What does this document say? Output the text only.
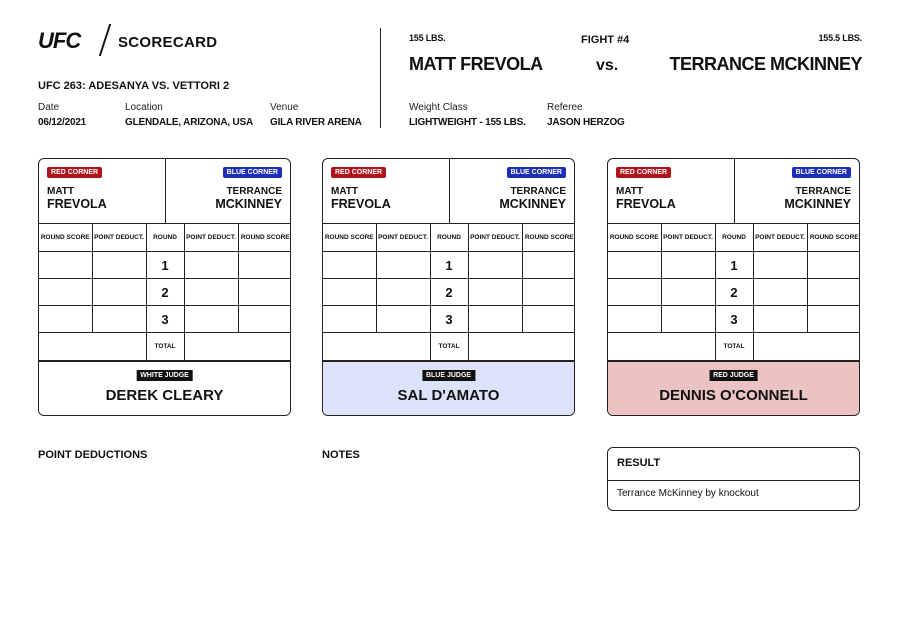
UFC	SCORECARD
UFC 263: ADESANYA VS. VETTORI 2
Date
06/12/2021
Location
GLENDALE, ARIZONA, USA
Venue
GILA RIVER ARENA
155 LBS.	FIGHT #4	155.5 LBS.
MATT FREVOLA	vs.	TERRANCE MCKINNEY
Weight Class
LIGHTWEIGHT - 155 LBS.
Referee
JASON HERZOG
RED CORNER	BLUE CORNER
MATT
FREVOLA
TERRANCE
MCKINNEY
ROUND SCORE	POINT DEDUCT.	ROUND	POINT DEDUCT.	ROUND SCORE
		1		
		2		
		3		
		TOTAL		
WHITE JUDGE
DEREK CLEARY
RED CORNER	BLUE CORNER
MATT
FREVOLA
TERRANCE
MCKINNEY
ROUND SCORE	POINT DEDUCT.	ROUND	POINT DEDUCT.	ROUND SCORE
		1		
		2		
		3		
		TOTAL		
BLUE JUDGE
SAL D'AMATO
RED CORNER	BLUE CORNER
MATT
FREVOLA
TERRANCE
MCKINNEY
ROUND SCORE	POINT DEDUCT.	ROUND	POINT DEDUCT.	ROUND SCORE
		1		
		2		
		3		
		TOTAL		
RED JUDGE
DENNIS O'CONNELL
POINT DEDUCTIONS	NOTES
RESULT
Terrance McKinney by knockout
